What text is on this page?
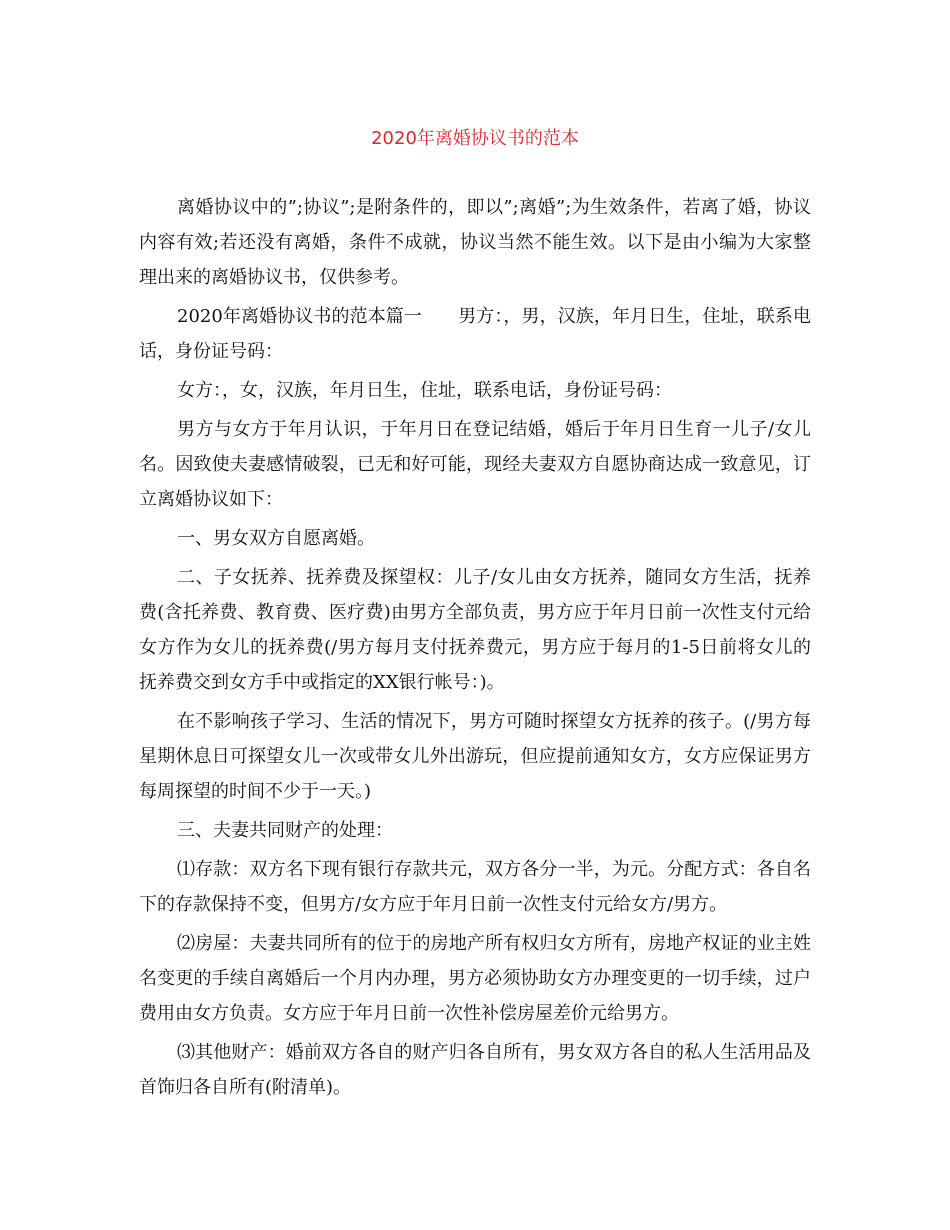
2020年离婚协议书的范本

离婚协议中的”;协议”;是附条件的，即以”;离婚”;为生效条件，若离了婚，协议内容有效;若还没有离婚，条件不成就，协议当然不能生效。以下是由小编为大家整理出来的离婚协议书，仅供参考。

2020年离婚协议书的范本篇一 男方：，男，汉族，年月日生，住址，联系电话，身份证号码：

女方：，女，汉族，年月日生，住址，联系电话，身份证号码：

男方与女方于年月认识，于年月日在登记结婚，婚后于年月日生育一儿子/女儿名。因致使夫妻感情破裂，已无和好可能，现经夫妻双方自愿协商达成一致意见，订立离婚协议如下：

一、男女双方自愿离婚。

二、子女抚养、抚养费及探望权：儿子/女儿由女方抚养，随同女方生活，抚养费(含托养费、教育费、医疗费)由男方全部负责，男方应于年月日前一次性支付元给女方作为女儿的抚养费(/男方每月支付抚养费元，男方应于每月的1-5日前将女儿的抚养费交到女方手中或指定的XX银行帐号：)。

在不影响孩子学习、生活的情况下，男方可随时探望女方抚养的孩子。(/男方每星期休息日可探望女儿一次或带女儿外出游玩，但应提前通知女方，女方应保证男方每周探望的时间不少于一天。)

三、夫妻共同财产的处理：

⑴存款：双方名下现有银行存款共元，双方各分一半，为元。分配方式：各自名下的存款保持不变，但男方/女方应于年月日前一次性支付元给女方/男方。

⑵房屋：夫妻共同所有的位于的房地产所有权归女方所有，房地产权证的业主姓名变更的手续自离婚后一个月内办理，男方必须协助女方办理变更的一切手续，过户费用由女方负责。女方应于年月日前一次性补偿房屋差价元给男方。

⑶其他财产：婚前双方各自的财产归各自所有，男女双方各自的私人生活用品及首饰归各自所有(附清单)。
